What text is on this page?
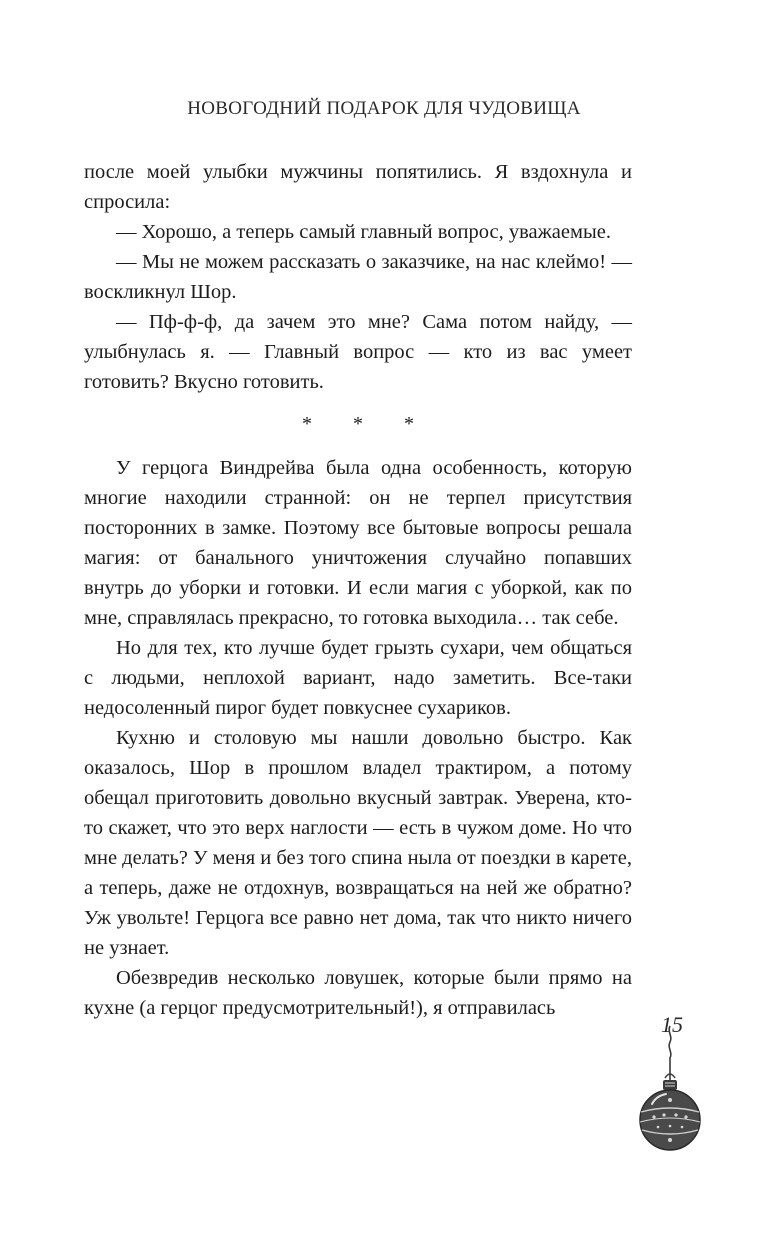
НОВОГОДНИЙ ПОДАРОК ДЛЯ ЧУДОВИЩА

после моей улыбки мужчины попятились. Я вздохнула и спросила:

— Хорошо, а теперь самый главный вопрос, уважаемые.

— Мы не можем рассказать о заказчике, на нас клеймо! — воскликнул Шор.

— Пф-ф-ф, да зачем это мне? Сама потом найду, — улыбнулась я. — Главный вопрос — кто из вас умеет готовить? Вкусно готовить.

* * *

У герцога Виндрейва была одна особенность, которую многие находили странной: он не терпел присутствия посторонних в замке. Поэтому все бытовые вопросы решала магия: от банального уничтожения случайно попавших внутрь до уборки и готовки. И если магия с уборкой, как по мне, справлялась прекрасно, то готовка выходила… так себе.

Но для тех, кто лучше будет грызть сухари, чем общаться с людьми, неплохой вариант, надо заметить. Все-таки недосоленный пирог будет повкуснее сухариков.

Кухню и столовую мы нашли довольно быстро. Как оказалось, Шор в прошлом владел трактиром, а потому обещал приготовить довольно вкусный завтрак. Уверена, кто-то скажет, что это верх наглости — есть в чужом доме. Но что мне делать? У меня и без того спина ныла от поездки в карете, а теперь, даже не отдохнув, возвращаться на ней же обратно? Уж увольте! Герцога все равно нет дома, так что никто ничего не узнает.

Обезвредив несколько ловушек, которые были прямо на кухне (а герцог предусмотрительный!), я отправилась

15
